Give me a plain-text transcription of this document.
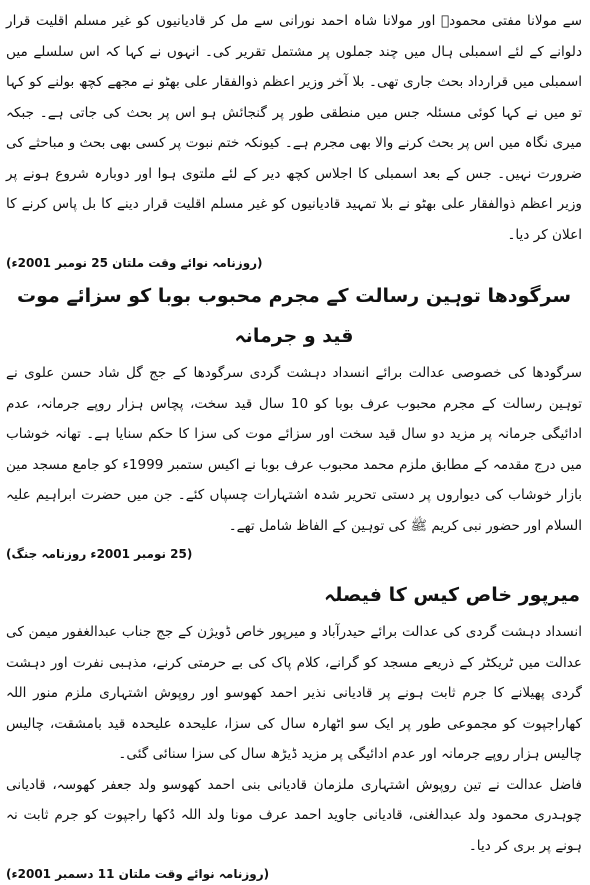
سے مولانا مفتی محمودؒ اور مولانا شاہ احمد نورانی سے مل کر قادیانیوں کو غیر مسلم اقلیت قرار دلوانے کے لئے اسمبلی ہال میں چند جملوں پر مشتمل تقریر کی۔ انہوں نے کہا کہ اس سلسلے میں اسمبلی میں قرارداد بحث جاری تھی۔ بلا آخر وزیر اعظم ذوالفقار علی بھٹو نے مجھے کچھ بولنے کو کہا تو میں نے کہا کوئی مسئلہ جس میں منطقی طور پر گنجائش ہو اس پر بحث کی جاتی ہے۔ جبکہ میری نگاہ میں اس پر بحث کرنے والا بھی مجرم ہے۔ کیونکہ ختم نبوت پر کسی بھی بحث و مباحثے کی ضرورت نہیں۔ جس کے بعد اسمبلی کا اجلاس کچھ دیر کے لئے ملتوی ہوا اور دوبارہ شروع ہونے پر وزیر اعظم ذوالفقار علی بھٹو نے بلا تمہید قادیانیوں کو غیر مسلم اقلیت قرار دینے کا بل پاس کرنے کا اعلان کر دیا۔

(روزنامہ نوائے وقت ملتان 25 نومبر 2001ء)
سرگودھا توہین رسالت کے مجرم محبوب بوبا کو سزائے موت قید و جرمانہ

سرگودھا کی خصوصی عدالت برائے انسداد دہشت گردی سرگودھا کے جج گل شاد حسن علوی نے توہین رسالت کے مجرم محبوب عرف بوبا کو 10 سال قید سخت، پچاس ہزار روپے جرمانہ، عدم ادائیگی جرمانہ پر مزید دو سال قید سخت اور سزائے موت کی سزا کا حکم سنایا ہے۔ تھانہ خوشاب میں درج مقدمہ کے مطابق ملزم محمد محبوب عرف بوبا نے اکیس ستمبر 1999ء کو جامع مسجد مین بازار خوشاب کی دیواروں پر دستی تحریر شدہ اشتہارات چسپاں کئے۔ جن میں حضرت ابراہیم علیہ السلام اور حضور نبی کریم ﷺ کی توہین کے الفاظ شامل تھے۔

(25 نومبر 2001ء روزنامہ جنگ)
میرپور خاص کیس کا فیصلہ

انسداد دہشت گردی کی عدالت برائے حیدرآباد و میرپور خاص ڈویژن کے جج جناب عبدالغفور میمن کی عدالت میں ٹریکٹر کے ذریعے مسجد کو گرانے، کلام پاک کی بے حرمتی کرنے، مذہبی نفرت اور دہشت گردی پھیلانے کا جرم ثابت ہونے پر قادیانی نذیر احمد کھوسو اور روپوش اشتہاری ملزم منور اللہ کھاراجپوت کو مجموعی طور پر ایک سو اٹھارہ سال کی سزا، علیحدہ علیحدہ قید بامشقت، چالیس چالیس ہزار روپے جرمانہ اور عدم ادائیگی پر مزید ڈیڑھ سال کی سزا سنائی گئی۔

فاضل عدالت نے تین روپوش اشتہاری ملزمان قادیانی بنی احمد کھوسو ولد جعفر کھوسہ، قادیانی چوہدری محمود ولد عبدالغنی، قادیانی جاوید احمد عرف مونا ولد اللہ دُکھا راجپوت کو جرم ثابت نہ ہونے پر بری کر دیا۔

(روزنامہ نوائے وقت ملتان 11 دسمبر 2001ء)
